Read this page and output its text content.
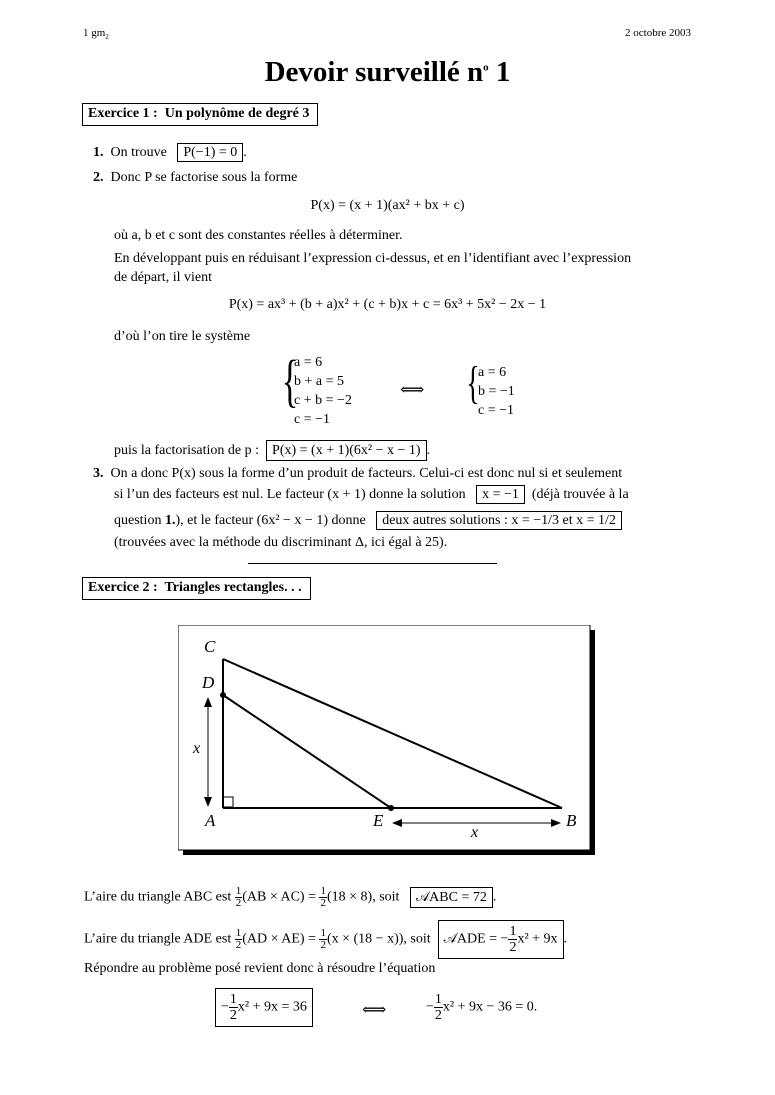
1 $gm_2$	2 octobre 2003
Devoir surveillé $n^o$ 1
Exercice 1 : Un polynôme de degré 3
1. On trouve P(−1) = 0 .
2. Donc P se factorise sous la forme
P(x) = (x + 1)(ax² + bx + c)
où a, b et c sont des constantes réelles à déterminer.
En développant puis en réduisant l’expression ci-dessus, et en l’identifiant avec l’expression
de départ, il vient
P(x) = ax³ + (b + a)x² + (c + b)x + c = 6x³ + 5x² − 2x − 1
d’où l’on tire le système
{
a = 6
b + a = 5
c + b = −2
c = −1
⟺ {
a = 6
b = −1
c = −1
puis la factorisation de p : P(x) = (x + 1)(6x² − x − 1) .
3. On a donc P(x) sous la forme d’un produit de facteurs. Celui-ci est donc nul si et seulement
si l’un des facteurs est nul. Le facteur (x + 1) donne la solution x = −1 (déjà trouvée à la
question 1.), et le facteur (6x² − x − 1) donne deux autres solutions : x = −1/3 et x = 1/2
(trouvées avec la méthode du discriminant Δ, ici égal à 25).
Exercice 2 : Triangles rectangles. . .
C
D
A	E	B
x
x
L’aire du triangle ABC est $\frac{1}{2} (AB \times AC) = \frac{1}{2} (18 \times 8)$, soit 𝒜ABC = 72 .
L’aire du triangle ADE est $\frac{1}{2} (AD \times AE) = \frac{1}{2} (x \times (18 - x))$, soit 𝒜ADE = − $\frac{1}{2} x^2 + 9x$ .
Répondre au problème posé revient donc à résoudre l’équation
− $\frac{1}{2} x^2 + 9x = 36$	⟺	− $\frac{1}{2} x^2 + 9x - 36 = 0$.
